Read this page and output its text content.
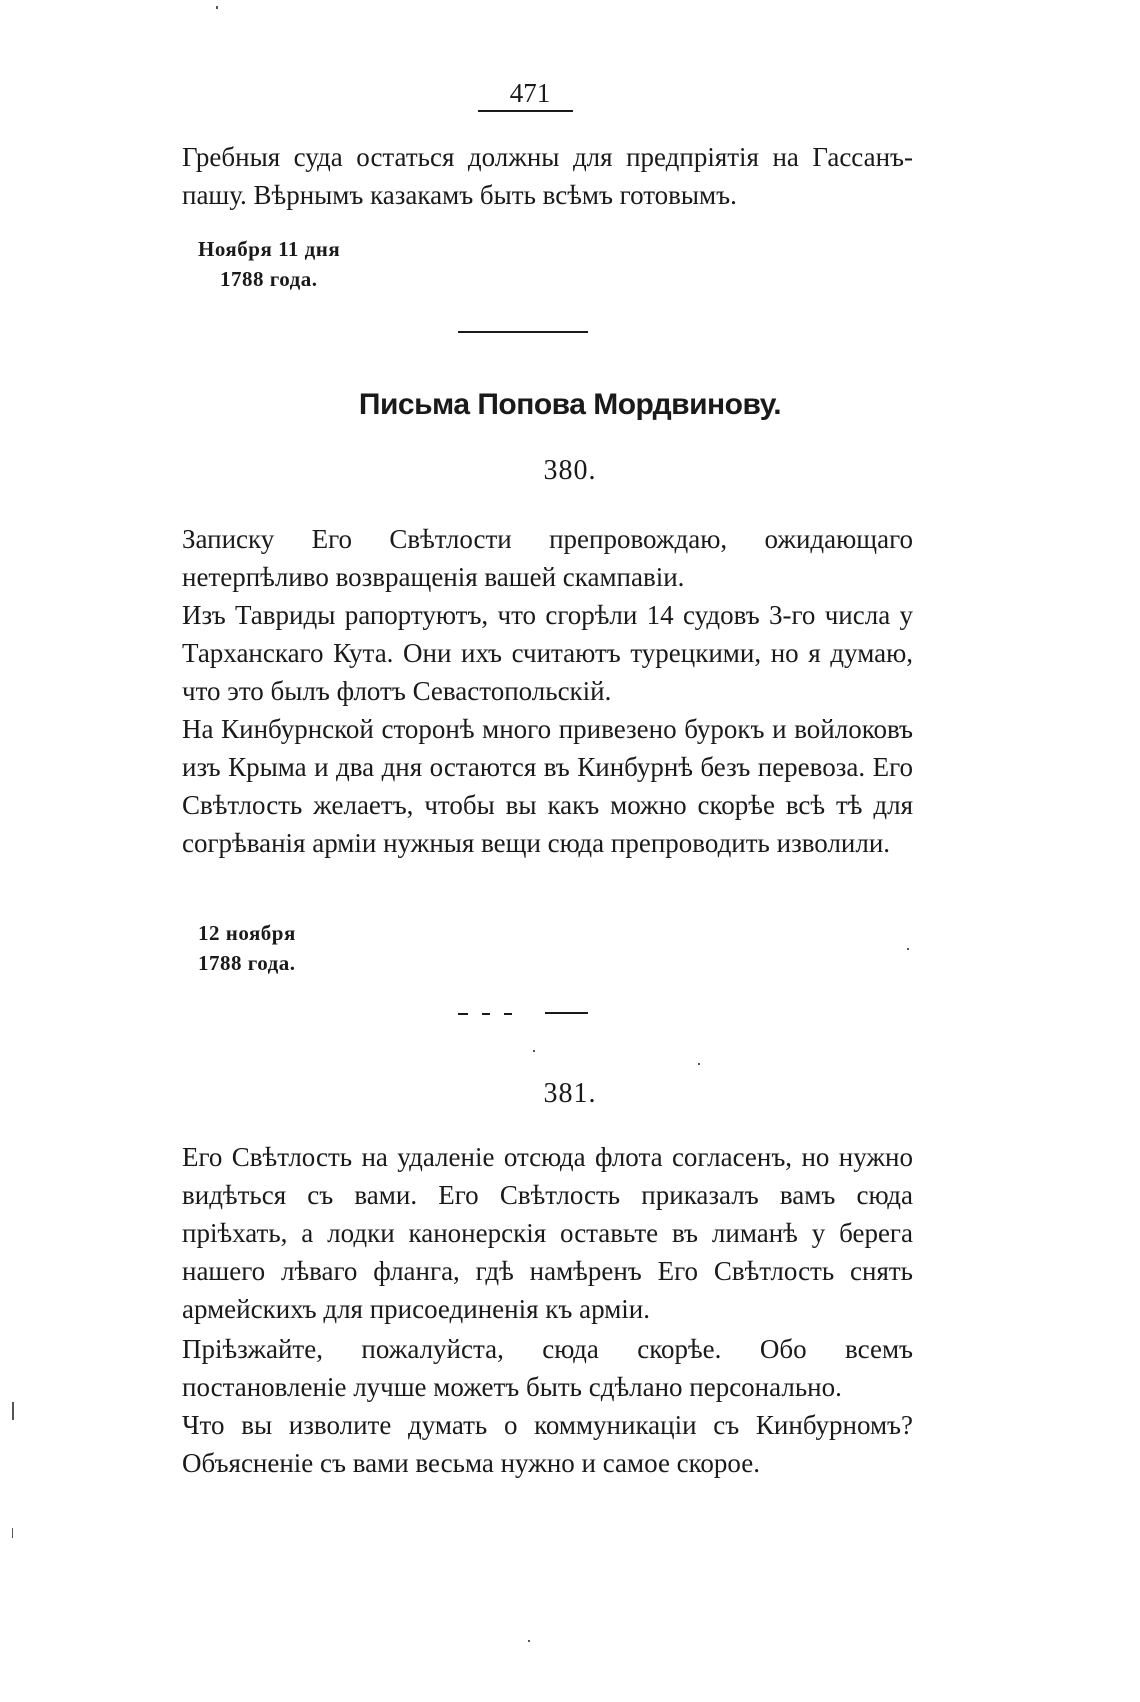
471

Гребныя суда остаться должны для предпріятія на Гассанъ-пашу. Вѣрнымъ казакамъ быть всѣмъ готовымъ.

Ноября 11 дня
1788 года.
Письма Попова Мордвинову.
380.

Записку Его Свѣтлости препровождаю, ожидающаго нетерпѣливо возвращенія вашей скампавіи.

Изъ Тавриды рапортуютъ, что сгорѣли 14 судовъ 3-го числа у Тарханскаго Кута. Они ихъ считаютъ турецкими, но я думаю, что это былъ флотъ Севастопольскій.

На Кинбурнской сторонѣ много привезено бурокъ и войлоковъ изъ Крыма и два дня остаются въ Кинбурнѣ безъ перевоза. Его Свѣтлость желаетъ, чтобы вы какъ можно скорѣе всѣ тѣ для согрѣванія арміи нужныя вещи сюда препроводить изволили.

12 ноября
1788 года.
381.

Его Свѣтлость на удаленіе отсюда флота согласенъ, но нужно видѣться съ вами. Его Свѣтлость приказалъ вамъ сюда пріѣхать, а лодки канонерскія оставьте въ лиманѣ у берега нашего лѣваго фланга, гдѣ намѣренъ Его Свѣтлость снять армейскихъ для присоединенія къ арміи.

Пріѣзжайте, пожалуйста, сюда скорѣе. Обо всемъ постановленіе лучше можетъ быть сдѣлано персонально.

Что вы изволите думать о коммуникаціи съ Кинбурномъ? Объясненіе съ вами весьма нужно и самое скорое.
